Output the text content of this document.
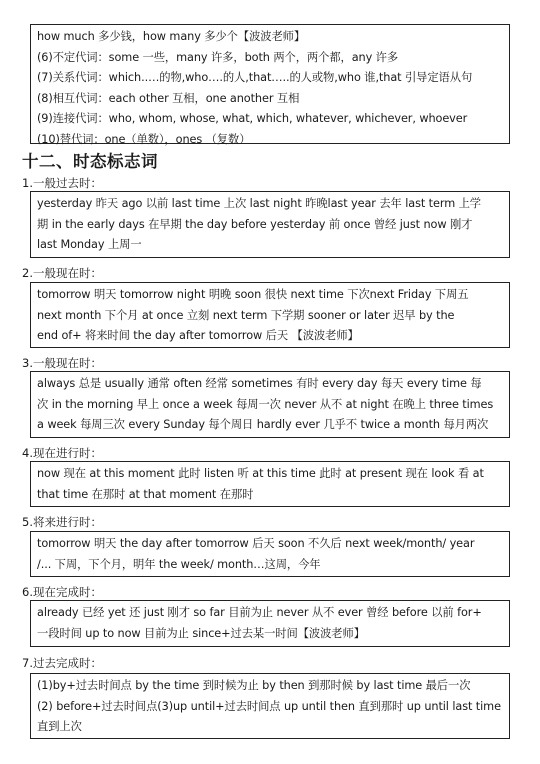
how much 多少钱，how many 多少个【波波老师】
(6)不定代词：some 一些，many 许多，both 两个，两个都，any 许多
(7)关系代词：which..…的物,who….的人,that…..的人或物,who 谁,that 引导定语从句
(8)相互代词：each other 互相，one another 互相
(9)连接代词：who, whom, whose, what, which, whatever, whichever, whoever
(10)替代词：one（单数），ones （复数）
十二、时态标志词
1.一般过去时：
yesterday 昨天 ago 以前 last time 上次 last night 昨晚last year 去年 last term 上学
期 in the early days 在早期 the day before yesterday 前 once 曾经 just now 刚才
last Monday 上周一
2.一般现在时：
tomorrow 明天 tomorrow night 明晚 soon 很快 next time 下次next Friday 下周五
next month 下个月 at once 立刻 next term 下学期 sooner or later 迟早 by the
end of+ 将来时间 the day after tomorrow 后天 【波波老师】
3.一般现在时：
always 总是 usually 通常 often 经常 sometimes 有时 every day 每天 every time 每
次 in the morning 早上 once a week 每周一次 never 从不 at night 在晚上 three times
a week 每周三次 every Sunday 每个周日 hardly ever 几乎不 twice a month 每月两次
4.现在进行时：
now 现在 at this moment 此时 listen 听 at this time 此时 at present 现在 look 看 at
that time 在那时 at that moment 在那时
5.将来进行时：
tomorrow 明天 the day after tomorrow 后天 soon 不久后 next week/month/ year
/... 下周，下个月，明年 the week/ month…这周，今年
6.现在完成时：
already 已经 yet 还 just 刚才 so far 目前为止 never 从不 ever 曾经 before 以前 for+
一段时间 up to now 目前为止 since+过去某一时间【波波老师】
7.过去完成时：
(1)by+过去时间点 by the time 到时候为止 by then 到那时候 by last time 最后一次
(2) before+过去时间点(3)up until+过去时间点 up until then 直到那时 up until last time
直到上次
